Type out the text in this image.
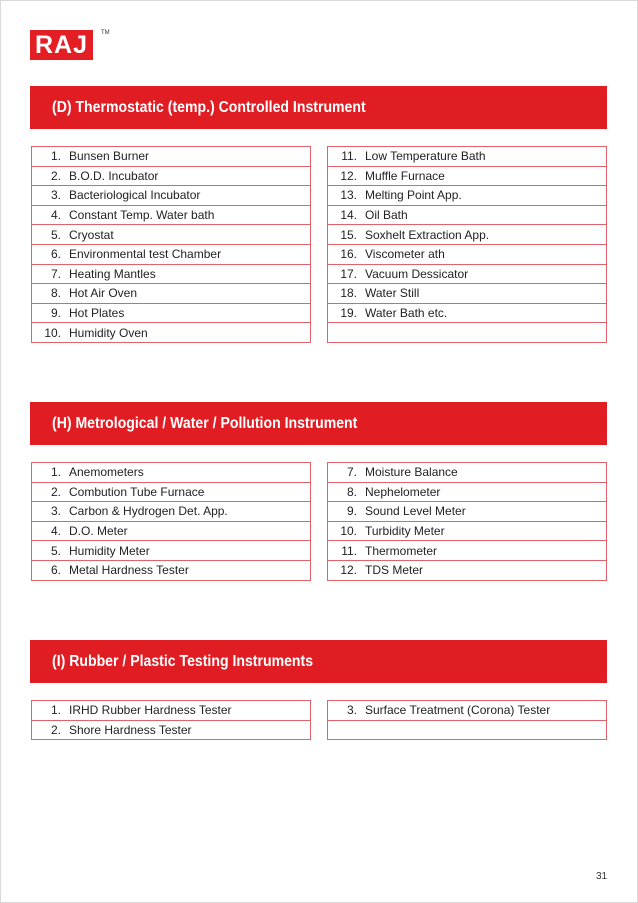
RAJ	TM
(D) Thermostatic (temp.) Controlled Instrument
1. Bunsen Burner

2. B.O.D. Incubator

3. Bacteriological Incubator

4. Constant Temp. Water bath

5. Cryostat

6. Environmental test Chamber

7. Heating Mantles

8. Hot Air Oven

9. Hot Plates

10. Humidity Oven
11. Low Temperature Bath

12. Muffle Furnace

13. Melting Point App.

14. Oil Bath

15. Soxhelt Extraction App.

16. Viscometer ath

17. Vacuum Dessicator

18. Water Still

19. Water Bath etc.

(H) Metrological / Water / Pollution Instrument
1. Anemometers

2. Combution Tube Furnace

3. Carbon & Hydrogen Det. App.

4. D.O. Meter

5. Humidity Meter

6. Metal Hardness Tester
7. Moisture Balance

8. Nephelometer

9. Sound Level Meter

10. Turbidity Meter

11. Thermometer

12. TDS Meter
(I) Rubber / Plastic Testing Instruments
1. IRHD Rubber Hardness Tester

2. Shore Hardness Tester
3. Surface Treatment (Corona) Tester

31
